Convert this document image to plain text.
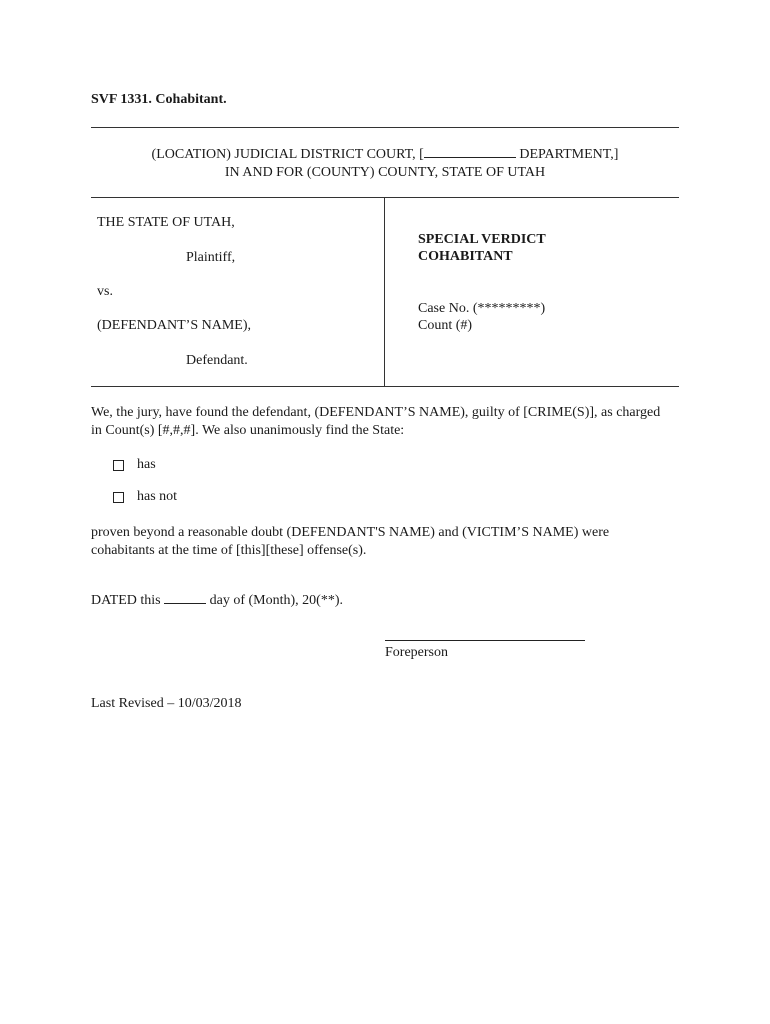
SVF 1331. Cohabitant.
(LOCATION) JUDICIAL DISTRICT COURT, [	DEPARTMENT,]
IN AND FOR (COUNTY) COUNTY, STATE OF UTAH
THE STATE OF UTAH,
Plaintiff,
vs.
(DEFENDANT’S NAME),
Defendant.
SPECIAL VERDICT
COHABITANT
Case No. (*********)
Count (#)
We, the jury, have found the defendant, (DEFENDANT’S NAME), guilty of [CRIME(S)], as charged in Count(s) [#,#,#]. We also unanimously find the State:
has
has not
proven beyond a reasonable doubt (DEFENDANT'S NAME) and (VICTIM’S NAME) were cohabitants at the time of [this][these] offense(s).
DATED this	day of (Month), 20(**).
Foreperson
Last Revised – 10/03/2018
